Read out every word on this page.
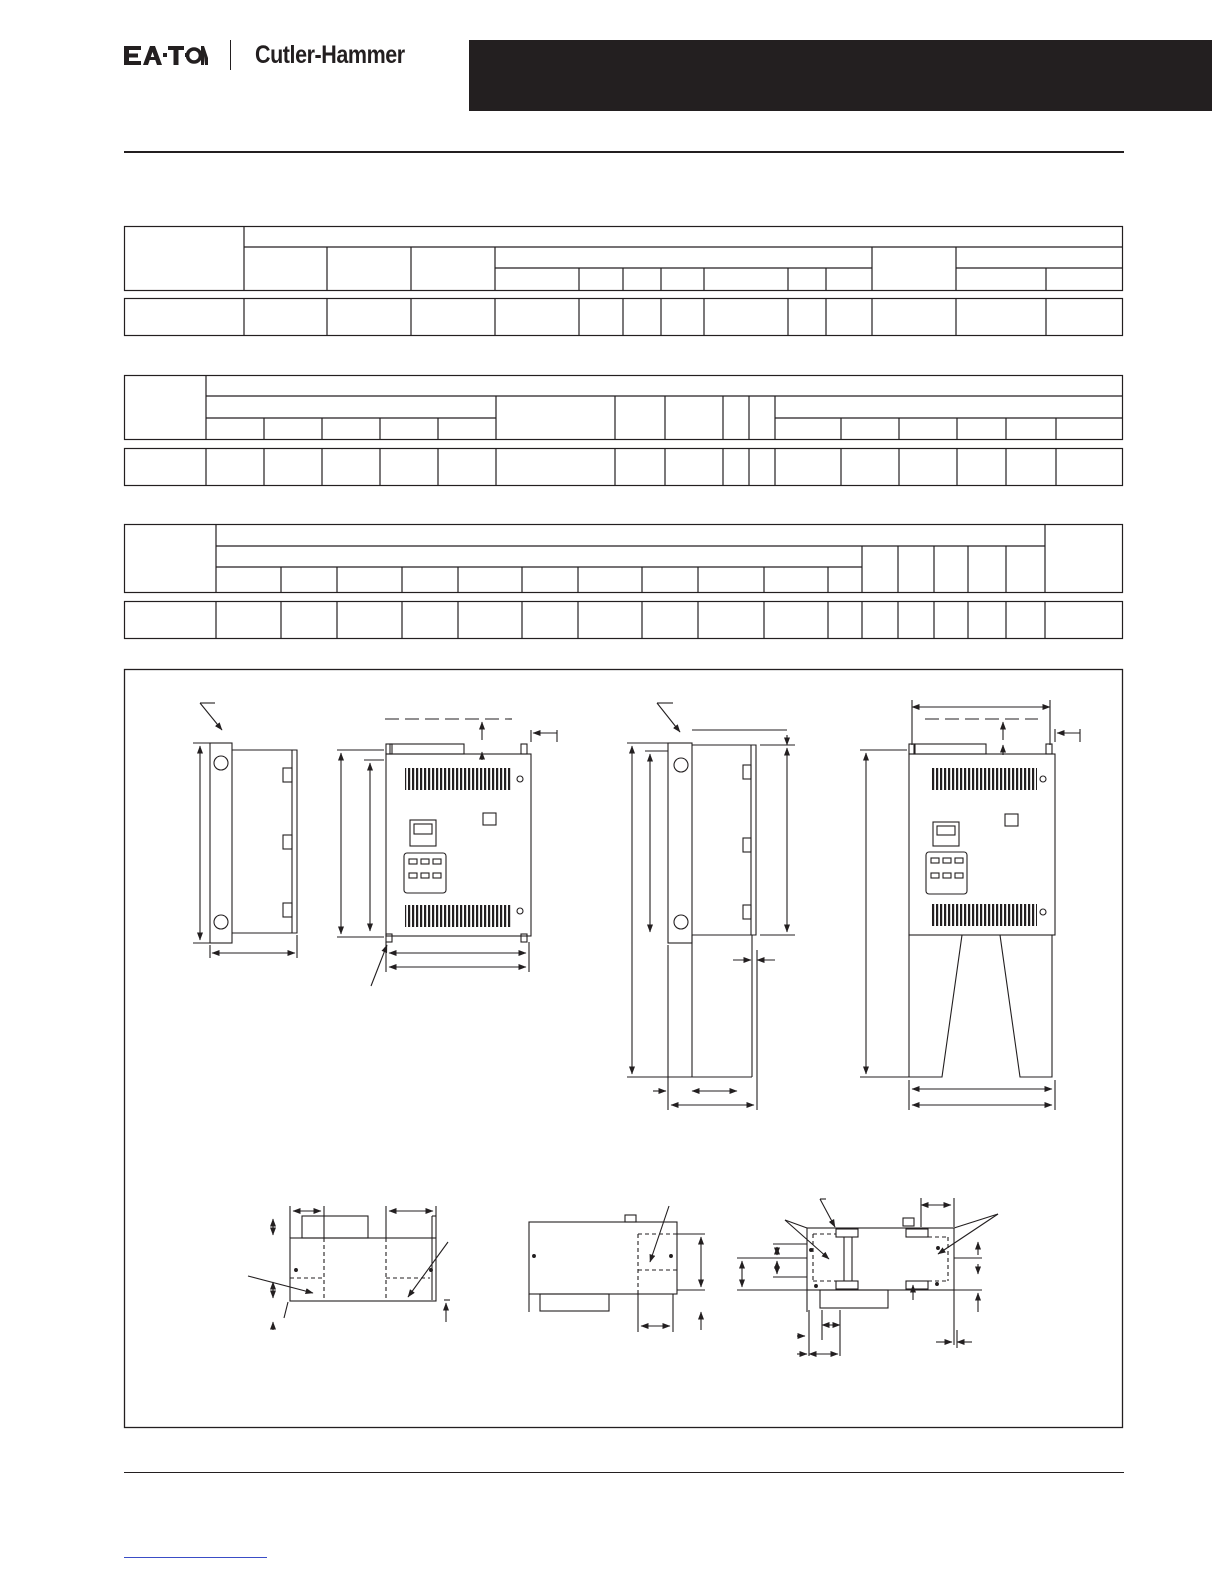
Cutler-Hammer
